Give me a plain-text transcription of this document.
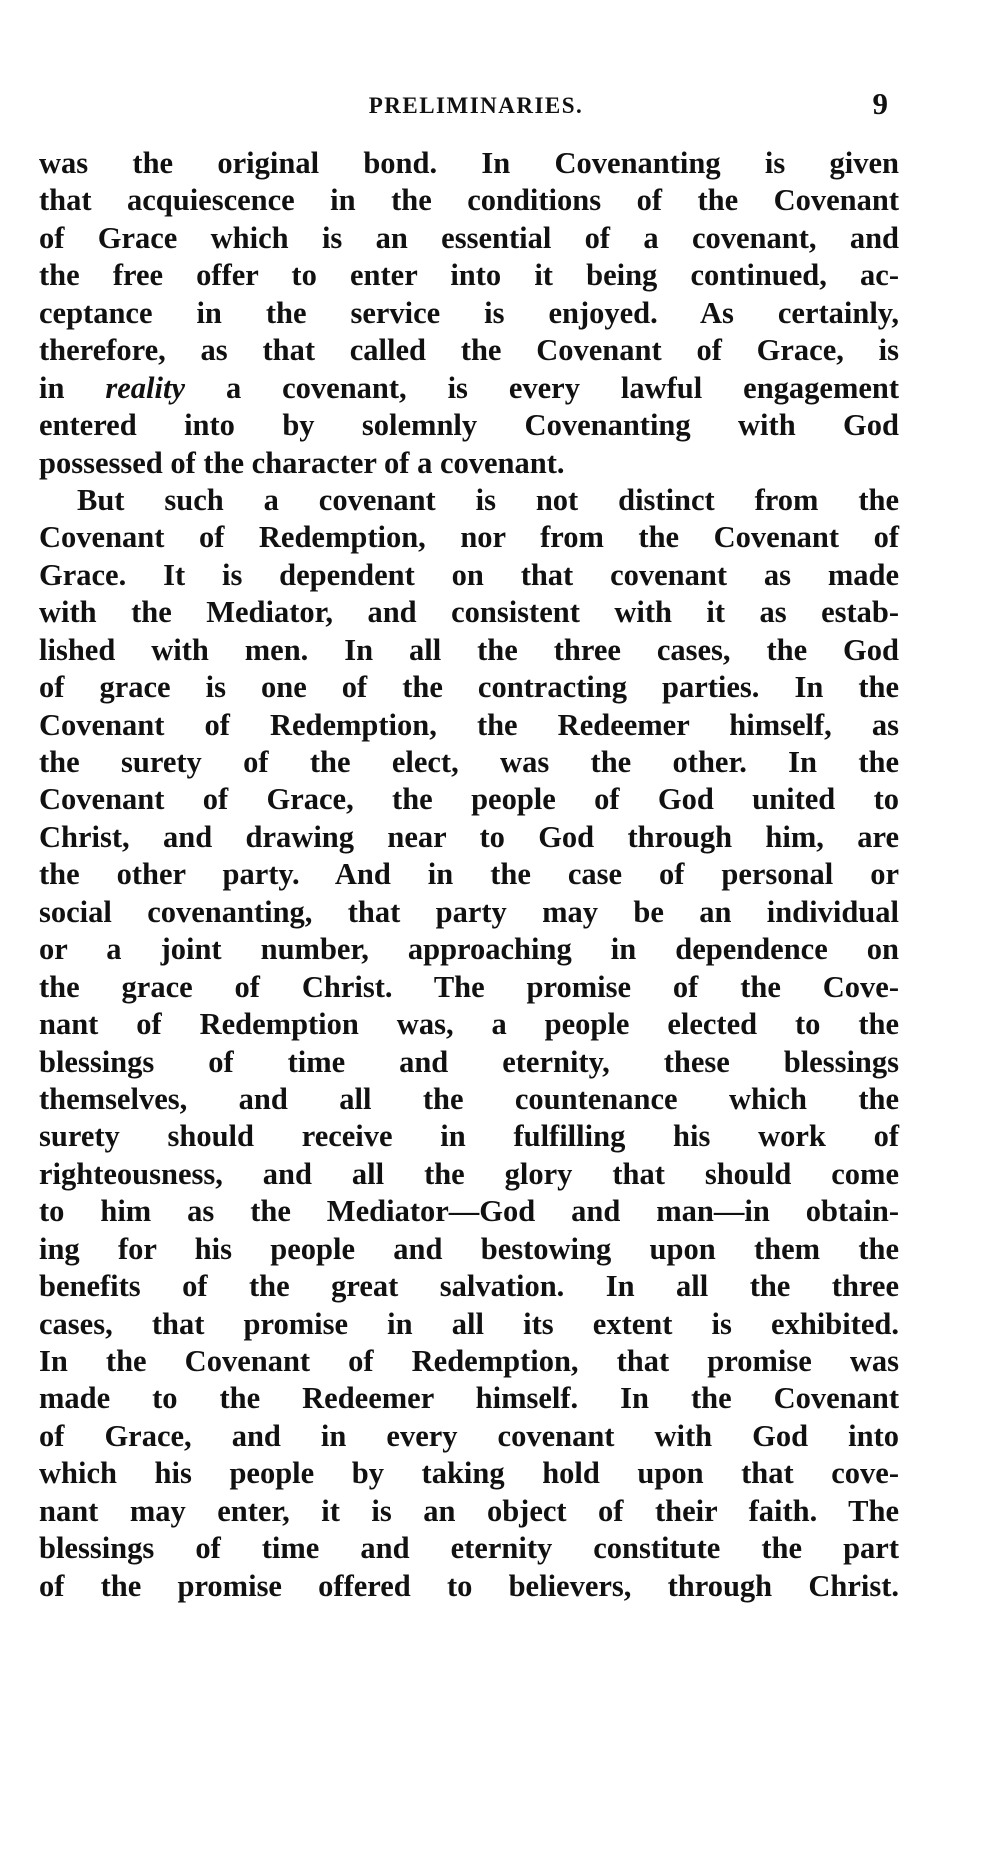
PRELIMINARIES.	9
was the original bond. In Covenanting is given
that acquiescence in the conditions of the Covenant
of Grace which is an essential of a covenant, and
the free offer to enter into it being continued, ac-
ceptance in the service is enjoyed. As certainly,
therefore, as that called the Covenant of Grace, is
in reality a covenant, is every lawful engagement
entered into by solemnly Covenanting with God
possessed of the character of a covenant.
But such a covenant is not distinct from the
Covenant of Redemption, nor from the Covenant of
Grace. It is dependent on that covenant as made
with the Mediator, and consistent with it as estab-
lished with men. In all the three cases, the God
of grace is one of the contracting parties. In the
Covenant of Redemption, the Redeemer himself, as
the surety of the elect, was the other. In the
Covenant of Grace, the people of God united to
Christ, and drawing near to God through him, are
the other party. And in the case of personal or
social covenanting, that party may be an individual
or a joint number, approaching in dependence on
the grace of Christ. The promise of the Cove-
nant of Redemption was, a people elected to the
blessings of time and eternity, these blessings
themselves, and all the countenance which the
surety should receive in fulfilling his work of
righteousness, and all the glory that should come
to him as the Mediator—God and man—in obtain-
ing for his people and bestowing upon them the
benefits of the great salvation. In all the three
cases, that promise in all its extent is exhibited.
In the Covenant of Redemption, that promise was
made to the Redeemer himself. In the Covenant
of Grace, and in every covenant with God into
which his people by taking hold upon that cove-
nant may enter, it is an object of their faith. The
blessings of time and eternity constitute the part
of the promise offered to believers, through Christ.
